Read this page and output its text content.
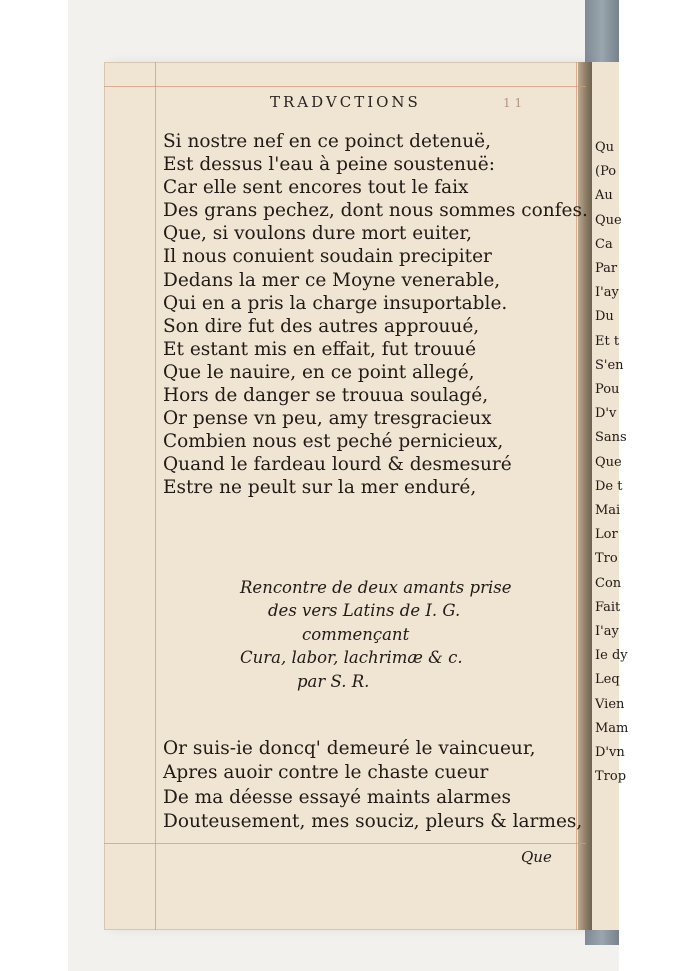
Qu
(Po
Au
Que
Ca
Par
I'ay
Du
Et t
S'en
Pou
D'v
Sans
Que
De t
Mai
Lor
Tro
Con
Fait
I'ay
Ie dy
Leq
Vien
Mam
D'vn
Trop
TRADVCTIONS	1 1
Si nostre nef en ce poinct detenuë,
Est dessus l'eau à peine soustenuë:
Car elle sent encores tout le faix
Des grans pechez, dont nous sommes confes.
Que, si voulons dure mort euiter,
Il nous conuient soudain precipiter
Dedans la mer ce Moyne venerable,
Qui en a pris la charge insuportable.
Son dire fut des autres approuué,
Et estant mis en effait, fut trouué
Que le nauire, en ce point allegé,
Hors de danger se trouua soulagé,
Or pense vn peu, amy tresgracieux
Combien nous est peché pernicieux,
Quand le fardeau lourd & desmesuré
Estre ne peult sur la mer enduré,
Rencontre de deux amants prise
des vers Latins de I. G.
commençant
Cura, labor, lachrimæ & c.
par S. R.
Or suis-ie doncq' demeuré le vaincueur,
Apres auoir contre le chaste cueur
De ma déesse essayé maints alarmes
Douteusement, mes souciz, pleurs & larmes,
Que
